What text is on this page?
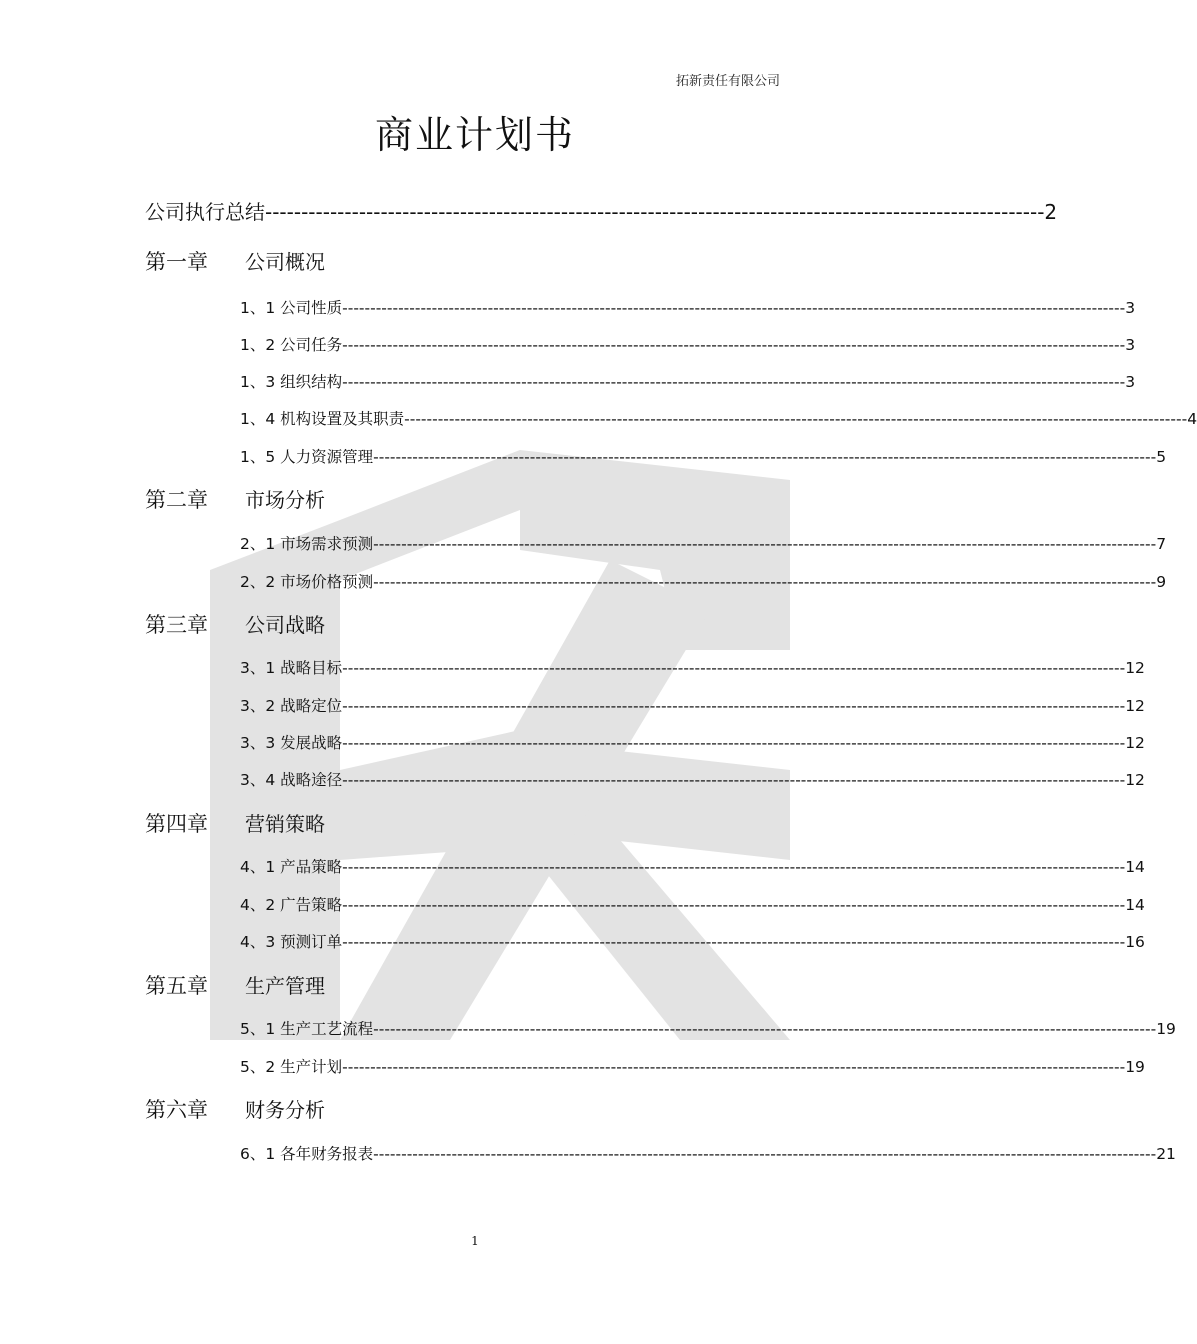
拓新责任有限公司
商业计划书
公司执行总结 ------------------------------------------------------------------------------------------------------------ 2
第一章	公司概况
1、1 公司性质 -------------------------------------------------------------------------------------------------------------------------------------------- 3
1、2 公司任务 -------------------------------------------------------------------------------------------------------------------------------------------- 3
1、3 组织结构 -------------------------------------------------------------------------------------------------------------------------------------------- 3
1、4 机构设置及其职责 -------------------------------------------------------------------------------------------------------------------------------------------- 4
1、5 人力资源管理 -------------------------------------------------------------------------------------------------------------------------------------------- 5
第二章	市场分析
2、1 市场需求预测 -------------------------------------------------------------------------------------------------------------------------------------------- 7
2、2 市场价格预测 -------------------------------------------------------------------------------------------------------------------------------------------- 9
第三章	公司战略
3、1 战略目标 -------------------------------------------------------------------------------------------------------------------------------------------- 12
3、2 战略定位 -------------------------------------------------------------------------------------------------------------------------------------------- 12
3、3 发展战略 -------------------------------------------------------------------------------------------------------------------------------------------- 12
3、4 战略途径 -------------------------------------------------------------------------------------------------------------------------------------------- 12
第四章	营销策略
4、1 产品策略 -------------------------------------------------------------------------------------------------------------------------------------------- 14
4、2 广告策略 -------------------------------------------------------------------------------------------------------------------------------------------- 14
4、3 预测订单 -------------------------------------------------------------------------------------------------------------------------------------------- 16
第五章	生产管理
5、1 生产工艺流程 -------------------------------------------------------------------------------------------------------------------------------------------- 19
5、2 生产计划 -------------------------------------------------------------------------------------------------------------------------------------------- 19
第六章	财务分析
6、1 各年财务报表 -------------------------------------------------------------------------------------------------------------------------------------------- 21
1
